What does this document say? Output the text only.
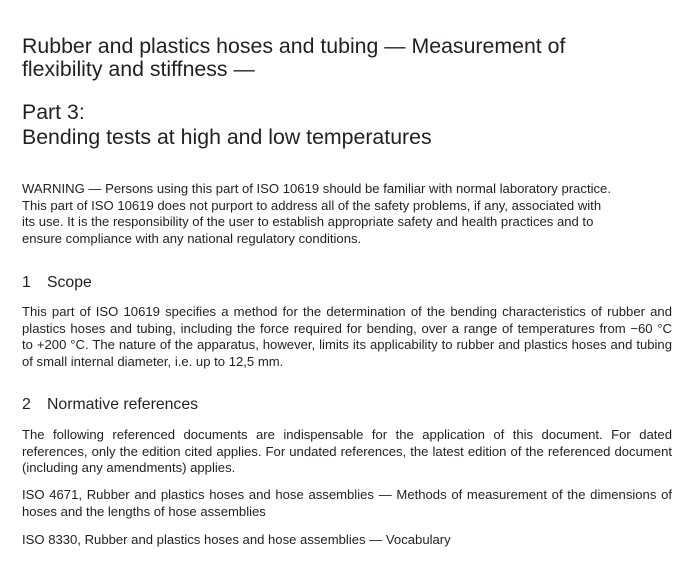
Rubber and plastics hoses and tubing — Measurement of
flexibility and stiffness —
Part 3:
Bending tests at high and low temperatures
WARNING — Persons using this part of ISO 10619 should be familiar with normal laboratory practice.
This part of ISO 10619 does not purport to address all of the safety problems, if any, associated with
its use. It is the responsibility of the user to establish appropriate safety and health practices and to
ensure compliance with any national regulatory conditions.
1 Scope
This part of ISO 10619 specifies a method for the determination of the bending characteristics of rubber and
plastics hoses and tubing, including the force required for bending, over a range of temperatures from −60 °C
to +200 °C. The nature of the apparatus, however, limits its applicability to rubber and plastics hoses and tubing
of small internal diameter, i.e. up to 12,5 mm.
2 Normative references
The following referenced documents are indispensable for the application of this document. For dated
references, only the edition cited applies. For undated references, the latest edition of the referenced document
(including any amendments) applies.
ISO 4671, Rubber and plastics hoses and hose assemblies — Methods of measurement of the dimensions of
hoses and the lengths of hose assemblies
ISO 8330, Rubber and plastics hoses and hose assemblies — Vocabulary
